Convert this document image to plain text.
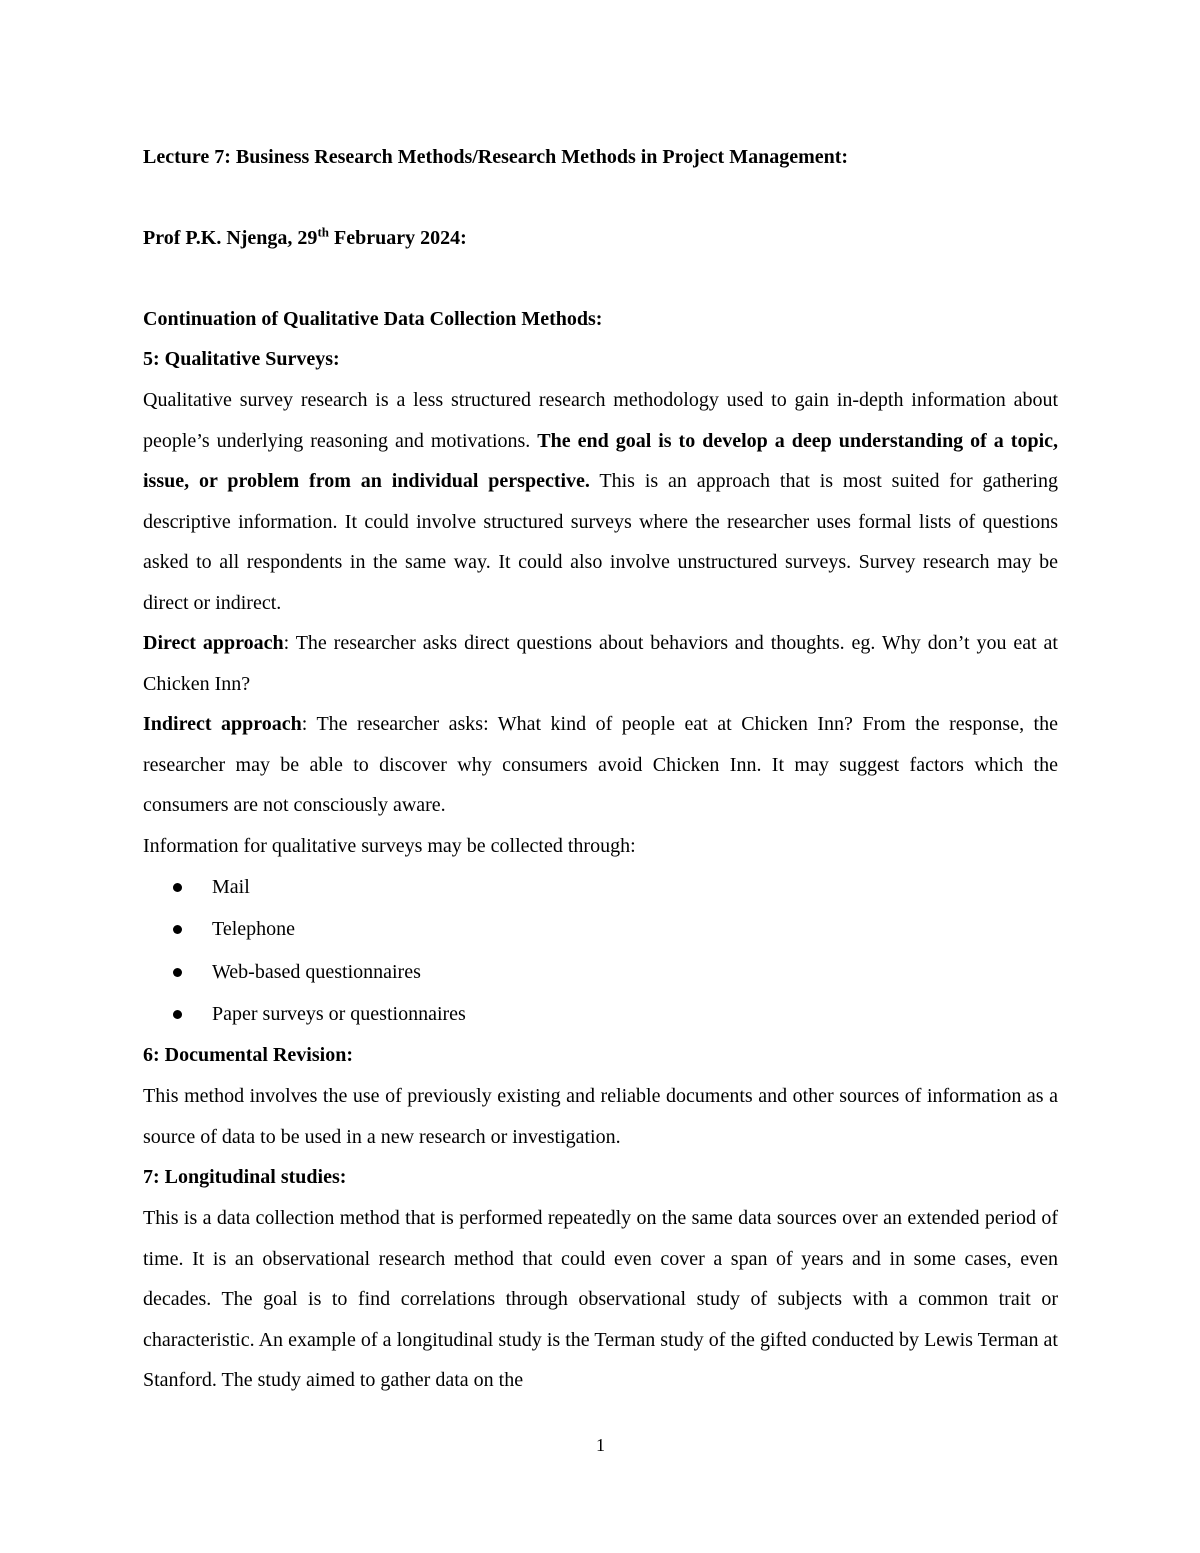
Lecture 7: Business Research Methods/Research Methods in Project Management:
Prof P.K. Njenga, 29th February 2024:
Continuation of Qualitative Data Collection Methods:
5: Qualitative Surveys:
Qualitative survey research is a less structured research methodology used to gain in-depth information about people’s underlying reasoning and motivations. The end goal is to develop a deep understanding of a topic, issue, or problem from an individual perspective. This is an approach that is most suited for gathering descriptive information. It could involve structured surveys where the researcher uses formal lists of questions asked to all respondents in the same way. It could also involve unstructured surveys. Survey research may be direct or indirect.
Direct approach: The researcher asks direct questions about behaviors and thoughts. eg. Why don’t you eat at Chicken Inn?
Indirect approach: The researcher asks: What kind of people eat at Chicken Inn? From the response, the researcher may be able to discover why consumers avoid Chicken Inn. It may suggest factors which the consumers are not consciously aware.
Information for qualitative surveys may be collected through:
Mail
Telephone
Web-based questionnaires
Paper surveys or questionnaires
6: Documental Revision:
This method involves the use of previously existing and reliable documents and other sources of information as a source of data to be used in a new research or investigation.
7: Longitudinal studies:
This is a data collection method that is performed repeatedly on the same data sources over an extended period of time. It is an observational research method that could even cover a span of years and in some cases, even decades. The goal is to find correlations through observational study of subjects with a common trait or characteristic. An example of a longitudinal study is the Terman study of the gifted conducted by Lewis Terman at Stanford. The study aimed to gather data on the
1
